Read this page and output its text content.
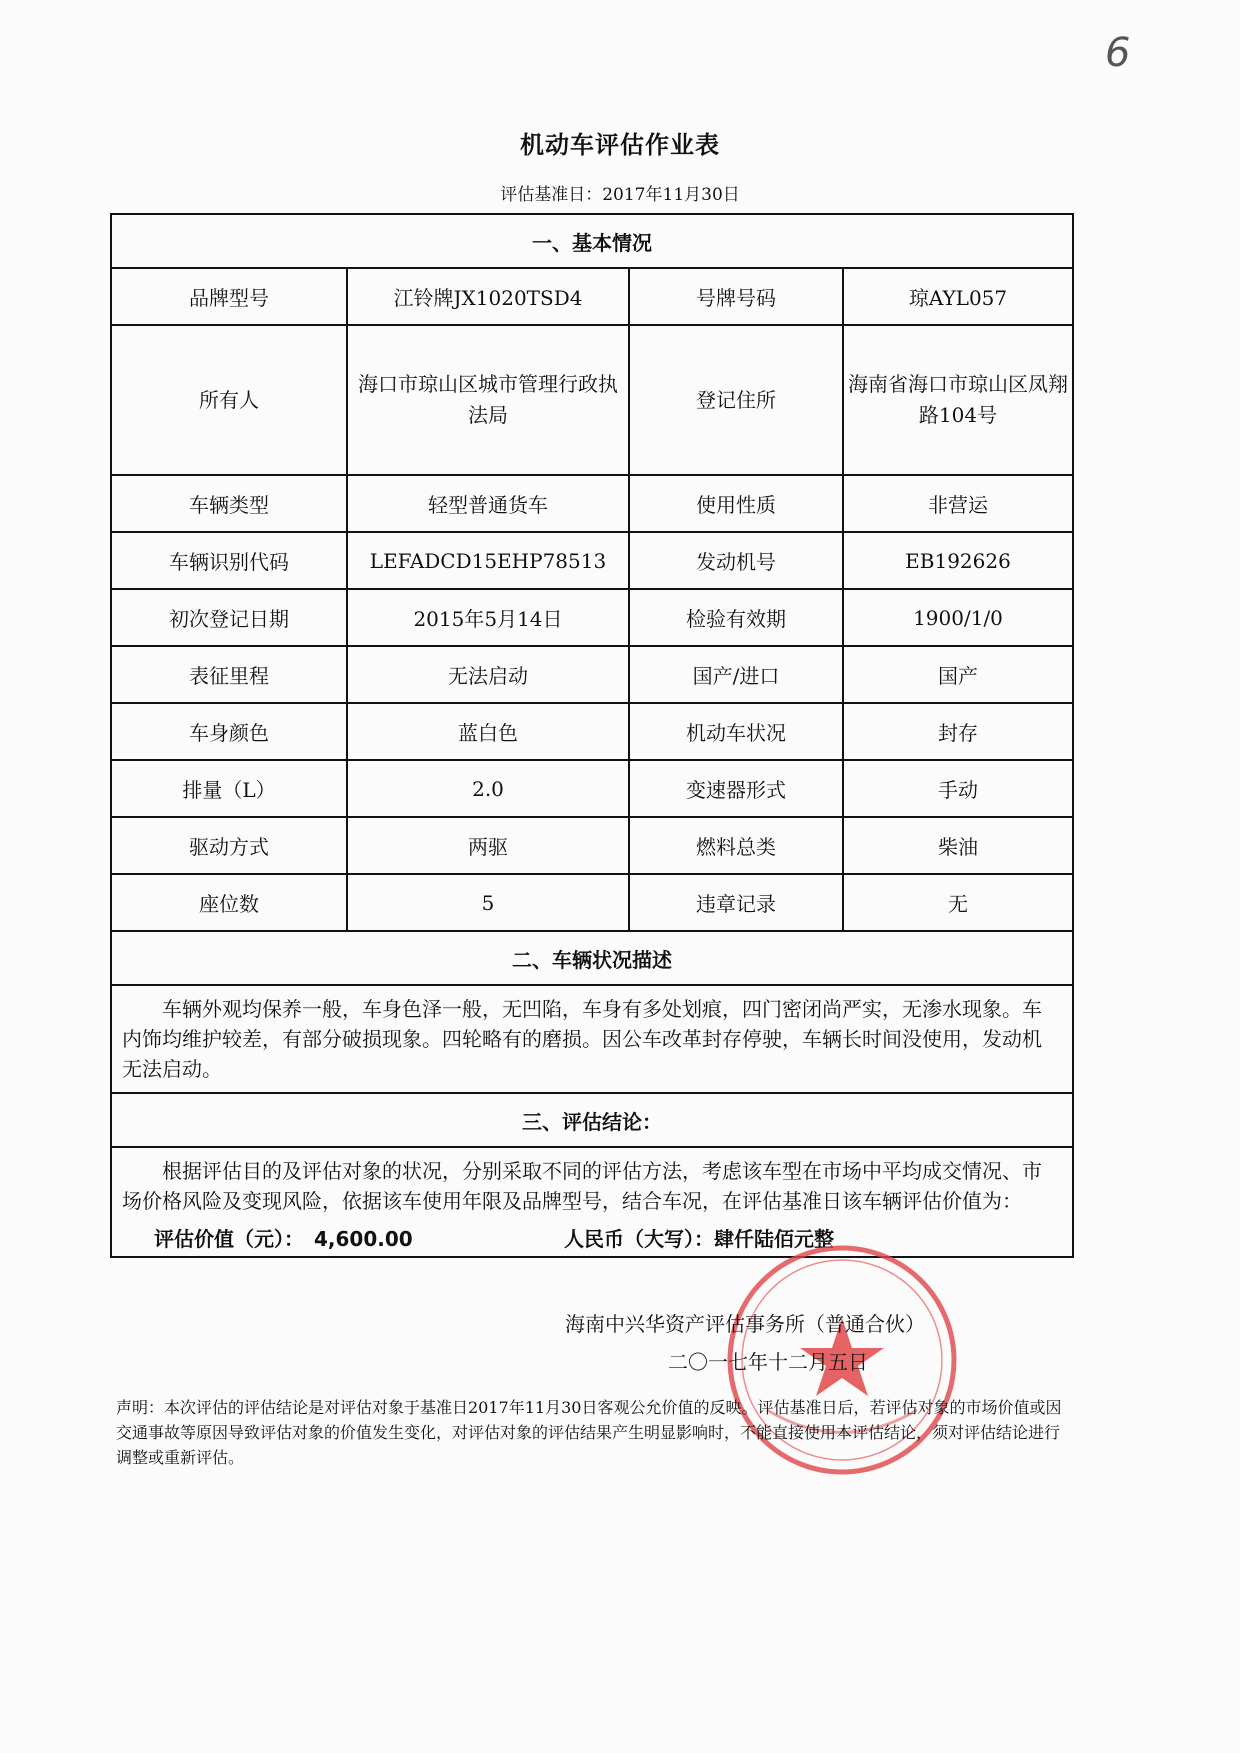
6
机动车评估作业表
评估基准日：2017年11月30日
一、基本情况			
品牌型号	江铃牌JX1020TSD4	号牌号码	琼AYL057
所有人	海口市琼山区城市管理行政执法局	登记住所	海南省海口市琼山区凤翔路104号
车辆类型	轻型普通货车	使用性质	非营运
车辆识别代码	LEFADCD15EHP78513	发动机号	EB192626
初次登记日期	2015年5月14日	检验有效期	1900/1/0
表征里程	无法启动	国产/进口	国产
车身颜色	蓝白色	机动车状况	封存
排量（L）	2.0	变速器形式	手动
驱动方式	两驱	燃料总类	柴油
座位数	5	违章记录	无
二、车辆状况描述			
车辆外观均保养一般，车身色泽一般，无凹陷，车身有多处划痕，四门密闭尚严实，无渗水现象。车内饰均维护较差，有部分破损现象。四轮略有的磨损。因公车改革封存停驶，车辆长时间没使用，发动机无法启动。			
三、评估结论：			

根据评估目的及评估对象的状况，分别采取不同的评估方法，考虑该车型在市场中平均成交情况、市场价格风险及变现风险，依据该车使用年限及品牌型号，结合车况，在评估基准日该车辆评估价值为：
评估价值（元）： 4,600.00 人民币（大写）：肆仟陆佰元整			
海南中兴华资产评估事务所（普通合伙）
二〇一七年十二月五日
声明：本次评估的评估结论是对评估对象于基准日2017年11月30日客观公允价值的反映。评估基准日后，若评估对象的市场价值或因交通事故等原因导致评估对象的价值发生变化，对评估对象的评估结果产生明显影响时，不能直接使用本评估结论，须对评估结论进行调整或重新评估。
